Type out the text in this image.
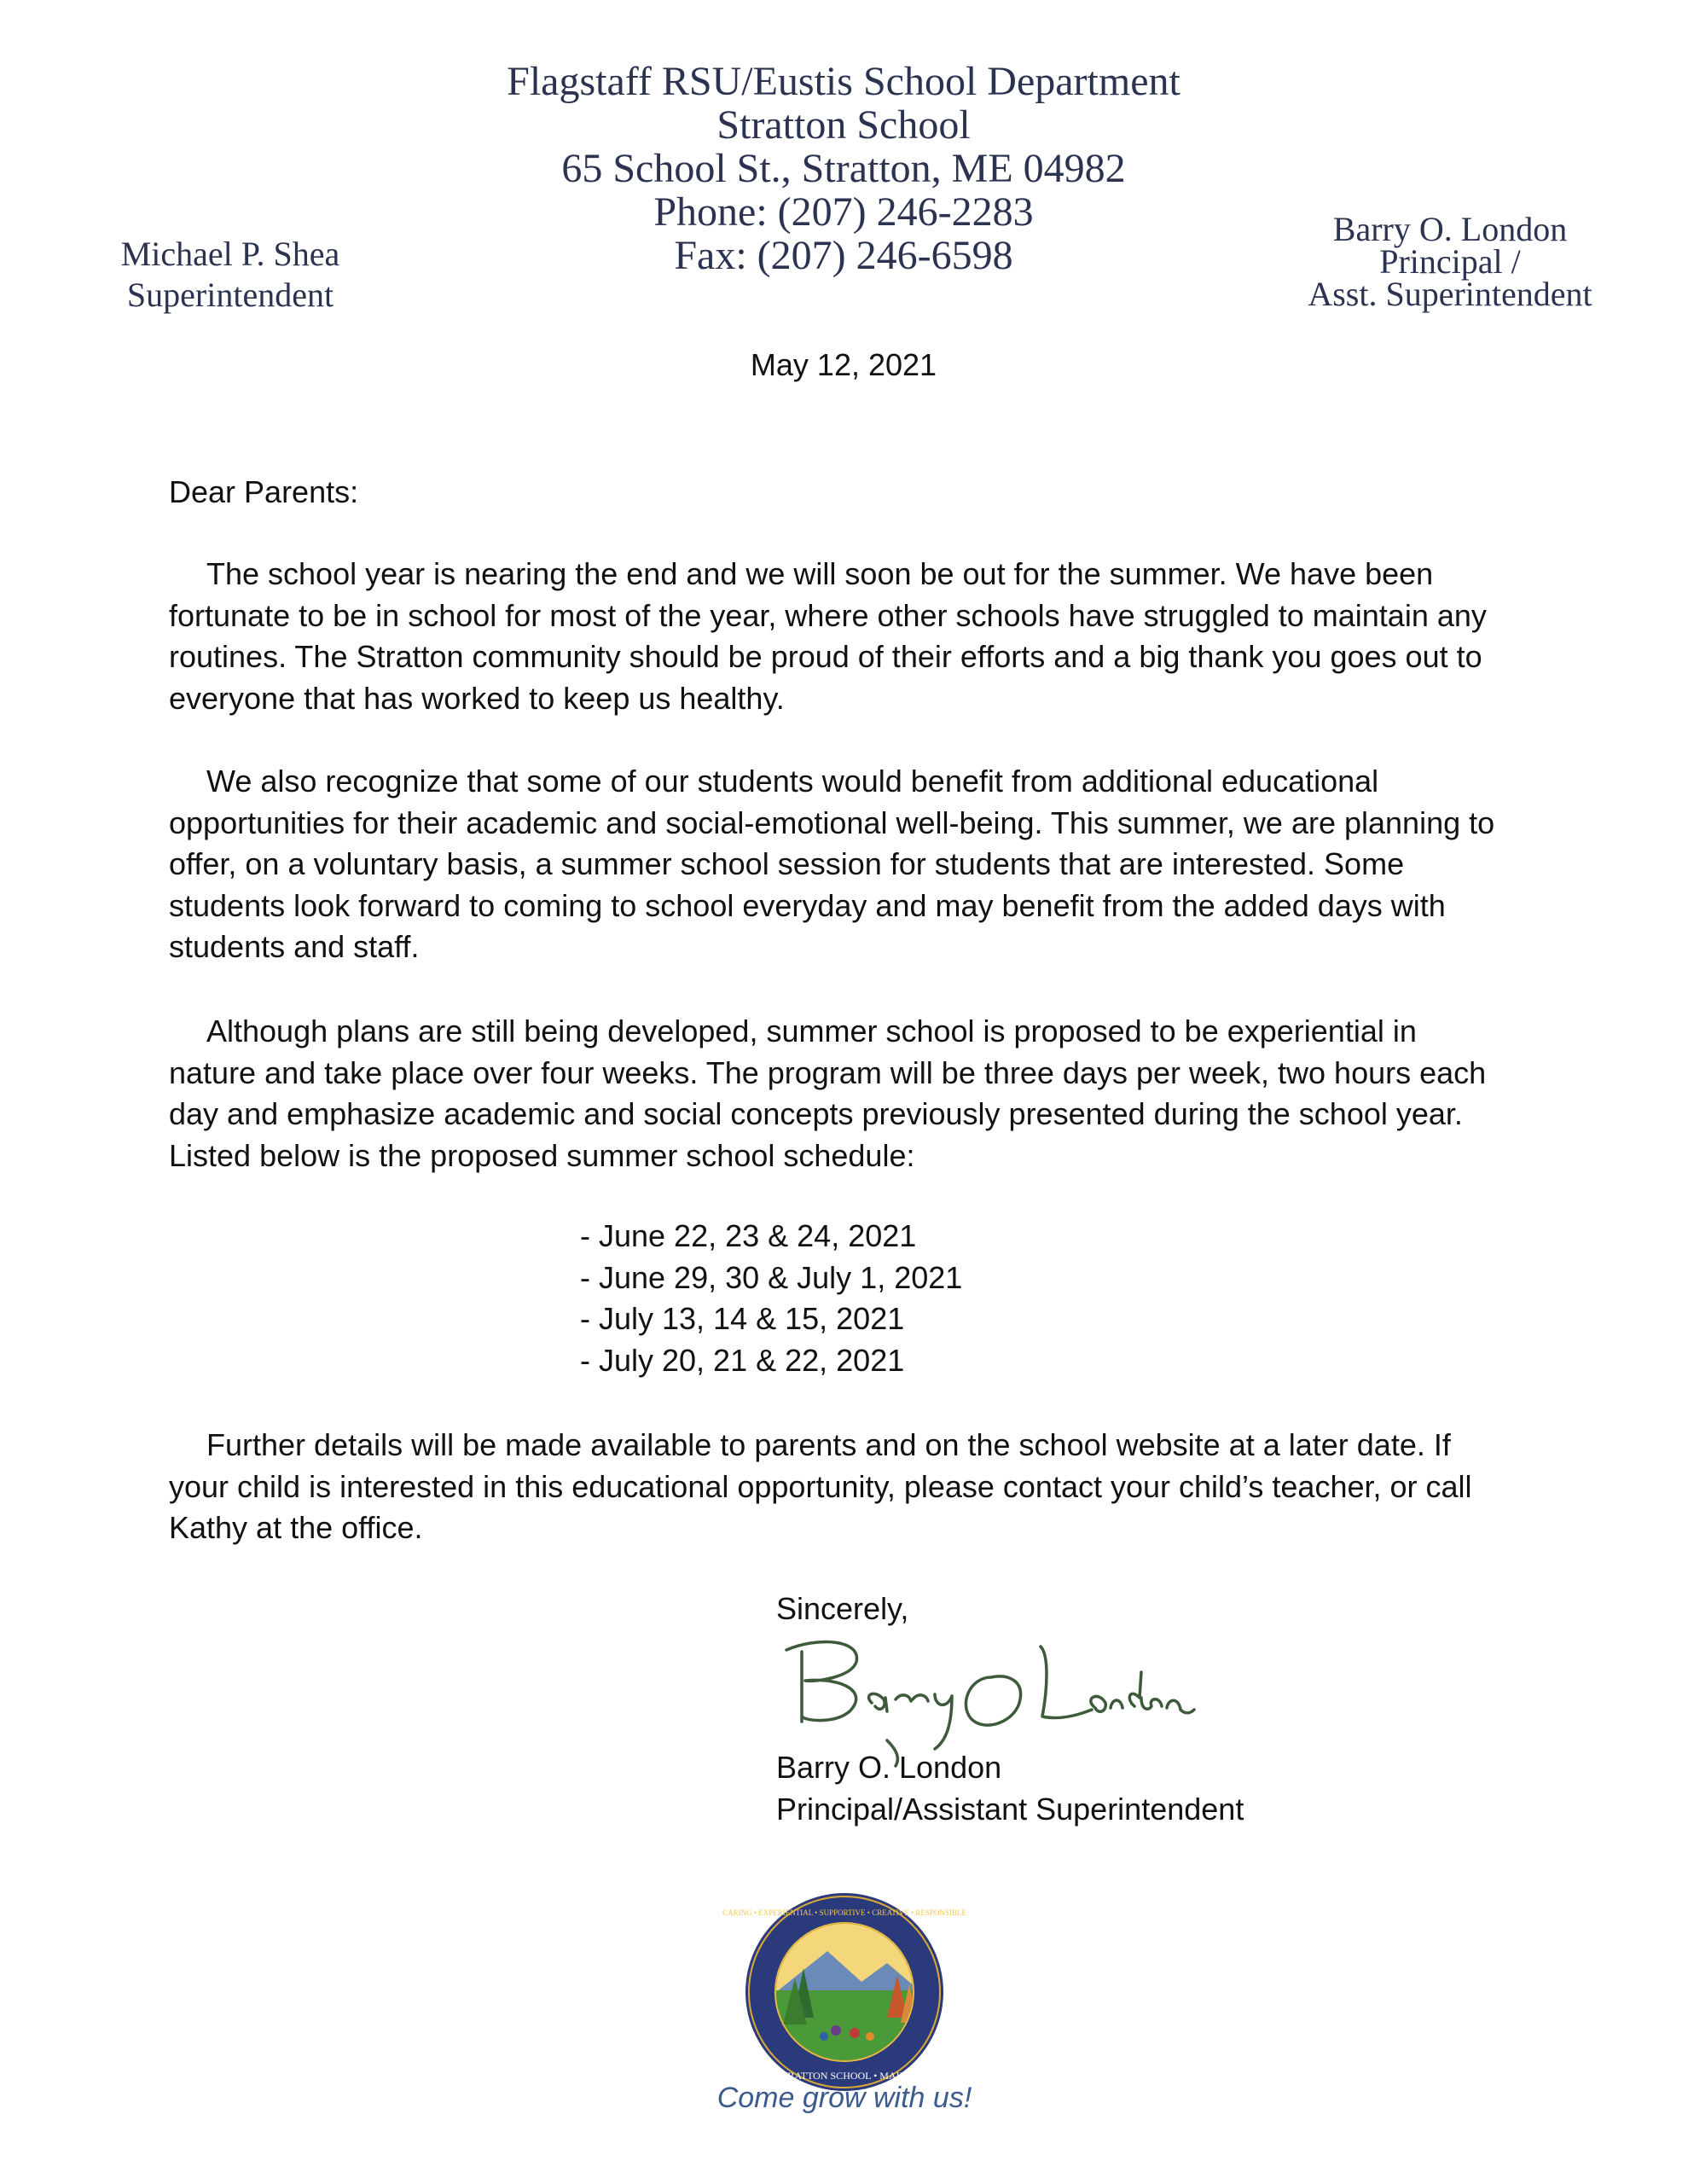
Flagstaff RSU/Eustis School Department
Stratton School
65 School St., Stratton, ME 04982
Phone: (207) 246-2283
Fax: (207) 246-6598
Michael P. Shea
Superintendent
Barry O. London
Principal /
Asst. Superintendent
May 12, 2021
Dear Parents:

The school year is nearing the end and we will soon be out for the summer. We have been fortunate to be in school for most of the year, where other schools have struggled to maintain any routines. The Stratton community should be proud of their efforts and a big thank you goes out to everyone that has worked to keep us healthy.

We also recognize that some of our students would benefit from additional educational opportunities for their academic and social-emotional well-being. This summer, we are planning to offer, on a voluntary basis, a summer school session for students that are interested. Some students look forward to coming to school everyday and may benefit from the added days with students and staff.

Although plans are still being developed, summer school is proposed to be experiential in nature and take place over four weeks. The program will be three days per week, two hours each day and emphasize academic and social concepts previously presented during the school year. Listed below is the proposed summer school schedule:

- June 22, 23 & 24, 2021
- June 29, 30 & July 1, 2021
- July 13, 14 & 15, 2021
- July 20, 21 & 22, 2021

Further details will be made available to parents and on the school website at a later date. If your child is interested in this educational opportunity, please contact your child’s teacher, or call Kathy at the office.

Sincerely,
Barry O. London
Principal/Assistant Superintendent
CARING • EXPERIENTIAL • SUPPORTIVE • CREATIVE • RESPONSIBLE
STRATTON SCHOOL • MAINE
Come grow with us!
